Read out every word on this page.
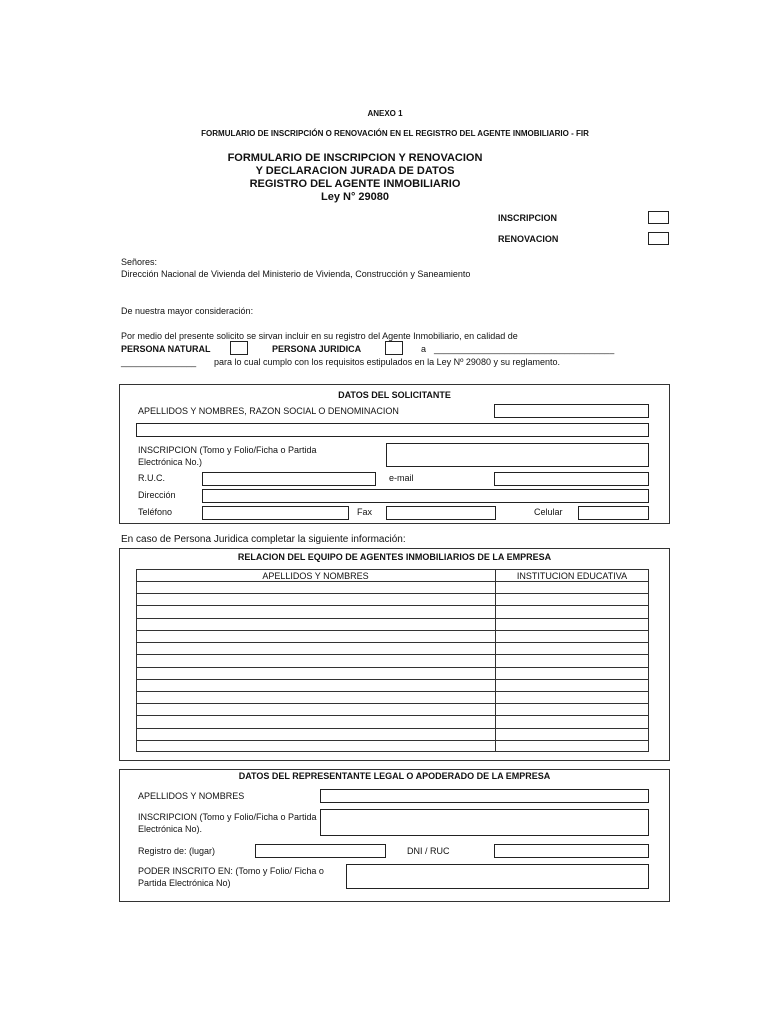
ANEXO 1
FORMULARIO DE INSCRIPCIÓN O RENOVACIÓN EN EL REGISTRO DEL AGENTE INMOBILIARIO - FIR
FORMULARIO DE INSCRIPCION Y RENOVACION
Y DECLARACION JURADA DE DATOS
REGISTRO DEL AGENTE INMOBILIARIO
Ley N° 29080
INSCRIPCION
RENOVACION
Señores:
Dirección Nacional de Vivienda del Ministerio de Vivienda, Construcción y Saneamiento
De nuestra mayor consideración:
Por medio del presente solicito se sirvan incluir en su registro del Agente Inmobiliario, en calidad de
PERSONA NATURAL	PERSONA JURIDICA	a ____________________________________
_______________ para lo cual cumplo con los requisitos estipulados en la Ley Nº 29080 y su reglamento.
DATOS DEL SOLICITANTE
APELLIDOS Y NOMBRES, RAZON SOCIAL O DENOMINACION
INSCRIPCION (Tomo y Folio/Ficha o Partida Electrónica No.)
R.U.C.	e-mail
Dirección
Teléfono	Fax	Celular
En caso de Persona Juridica completar la siguiente información:
RELACION DEL EQUIPO DE AGENTES INMOBILIARIOS DE LA EMPRESA
APELLIDOS Y NOMBRES	INSTITUCION EDUCATIVA
DATOS DEL REPRESENTANTE LEGAL O APODERADO DE LA EMPRESA
APELLIDOS Y NOMBRES
INSCRIPCION (Tomo y Folio/Ficha o Partida Electrónica No).
Registro de: (lugar)	DNI / RUC
PODER INSCRITO EN: (Tomo y Folio/ Ficha o Partida Electrónica No)
